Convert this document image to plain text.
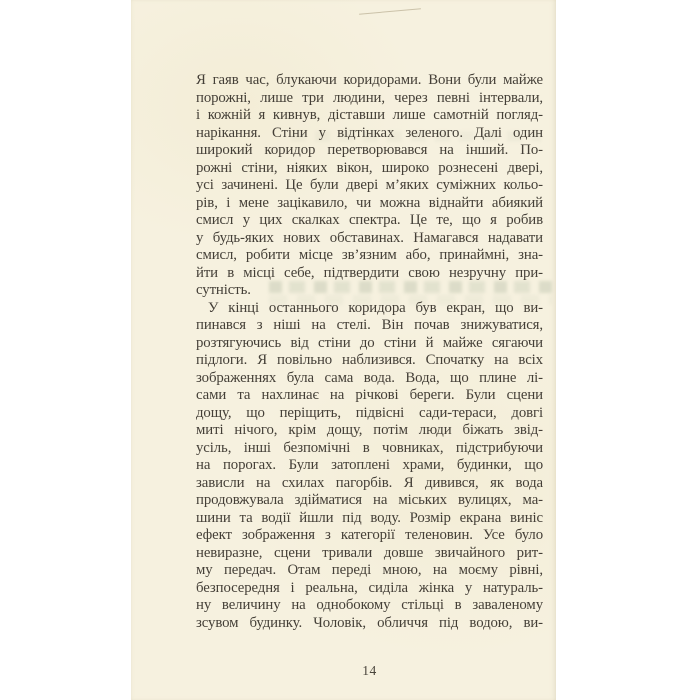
Я гаяв час, блукаючи коридорами. Вони були майже
порожні, лише три людини, через певні інтервали,
і кожній я кивнув, діставши лише самотній погляд-
нарікання. Стіни у відтінках зеленого. Далі один
широкий коридор перетворювався на інший. По-
рожні стіни, ніяких вікон, широко рознесені двері,
усі зачинені. Це були двері м’яких суміжних кольо-
рів, і мене зацікавило, чи можна віднайти абиякий
смисл у цих скалках спектра. Це те, що я робив
у будь-яких нових обставинах. Намагався надавати
смисл, робити місце зв’язним або, принаймні, зна-
йти в місці себе, підтвердити свою незручну при-
сутність.
У кінці останнього коридора був екран, що ви-
пинався з ніші на стелі. Він почав знижуватися,
розтягуючись від стіни до стіни й майже сягаючи
підлоги. Я повільно наблизився. Спочатку на всіх
зображеннях була сама вода. Вода, що плине лі-
сами та нахлинає на річкові береги. Були сцени
дощу, що періщить, підвісні сади-тераси, довгі
миті нічого, крім дощу, потім люди біжать звід-
усіль, інші безпомічні в човниках, підстрибуючи
на порогах. Були затоплені храми, будинки, що
зависли на схилах пагорбів. Я дивився, як вода
продовжувала здійматися на міських вулицях, ма-
шини та водії йшли під воду. Розмір екрана виніс
ефект зображення з категорії теленовин. Усе було
невиразне, сцени тривали довше звичайного рит-
му передач. Отам переді мною, на моєму рівні,
безпосередня і реальна, сиділа жінка у натураль-
ну величину на однобокому стільці в заваленому
зсувом будинку. Чоловік, обличчя під водою, ви-
14
